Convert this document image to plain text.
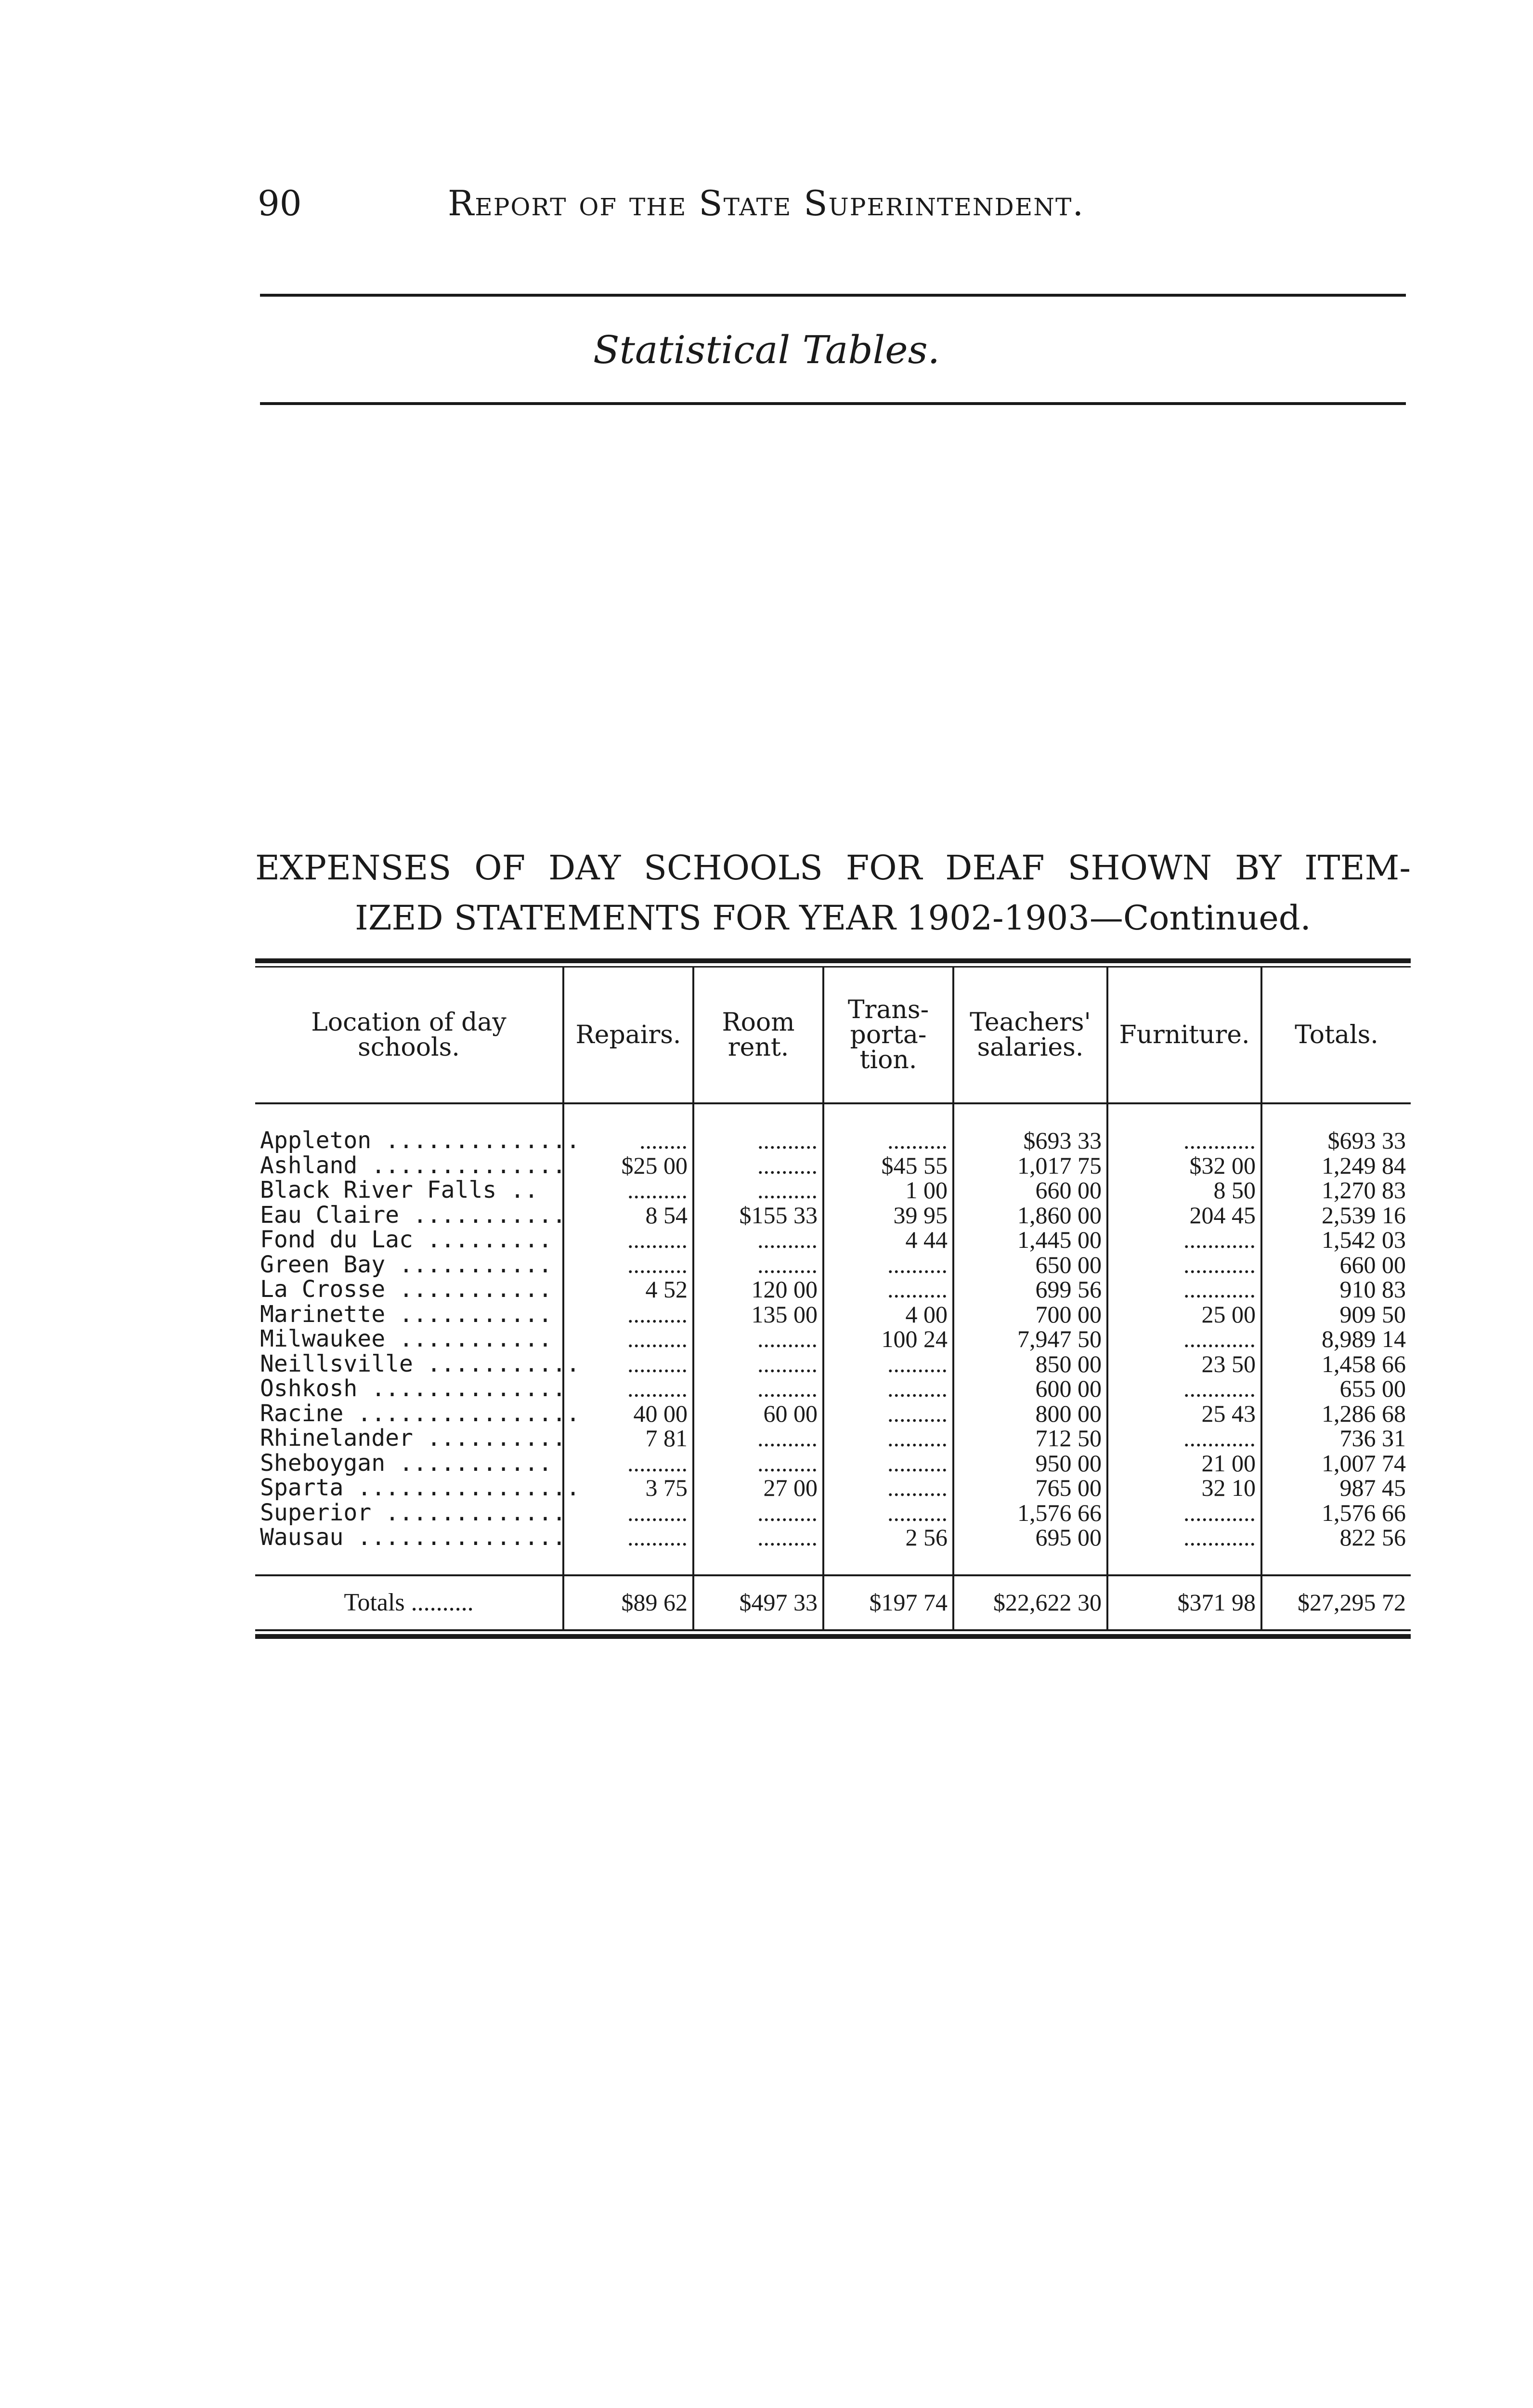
90	Report of the State Superintendent.
Statistical Tables.
EXPENSES OF DAY SCHOOLS FOR DEAF SHOWN BY ITEM-
IZED STATEMENTS FOR YEAR 1902-1903—Continued.
Location of day schools.	Repairs.	Room rent.	Trans-porta-tion.	Teachers' salaries.	Furniture.	Totals.

Appleton ..............	........	..........	..........	$693 33	............	$693 33
Ashland ..............	$25 00	..........	$45 55	1,017 75	$32 00	1,249 84
Black River Falls ..	..........	..........	1 00	660 00	8 50	1,270 83
Eau Claire ...........	8 54	$155 33	39 95	1,860 00	204 45	2,539 16
Fond du Lac .........	..........	..........	4 44	1,445 00	............	1,542 03
Green Bay ...........	..........	..........	..........	650 00	............	660 00
La Crosse ...........	4 52	120 00	..........	699 56	............	910 83
Marinette ...........	..........	135 00	4 00	700 00	25 00	909 50
Milwaukee ...........	..........	..........	100 24	7,947 50	............	8,989 14
Neillsville ...........	..........	..........	..........	850 00	23 50	1,458 66
Oshkosh ..............	..........	..........	..........	600 00	............	655 00
Racine ................	40 00	60 00	..........	800 00	25 43	1,286 68
Rhinelander ..........	7 81	..........	..........	712 50	............	736 31
Sheboygan ...........	..........	..........	..........	950 00	21 00	1,007 74
Sparta ................	3 75	27 00	..........	765 00	32 10	987 45
Superior .............	..........	..........	..........	1,576 66	............	1,576 66
Wausau ...............	..........	..........	2 56	695 00	............	822 56

Totals ..........	$89 62	$497 33	$197 74	$22,622 30	$371 98	$27,295 72
